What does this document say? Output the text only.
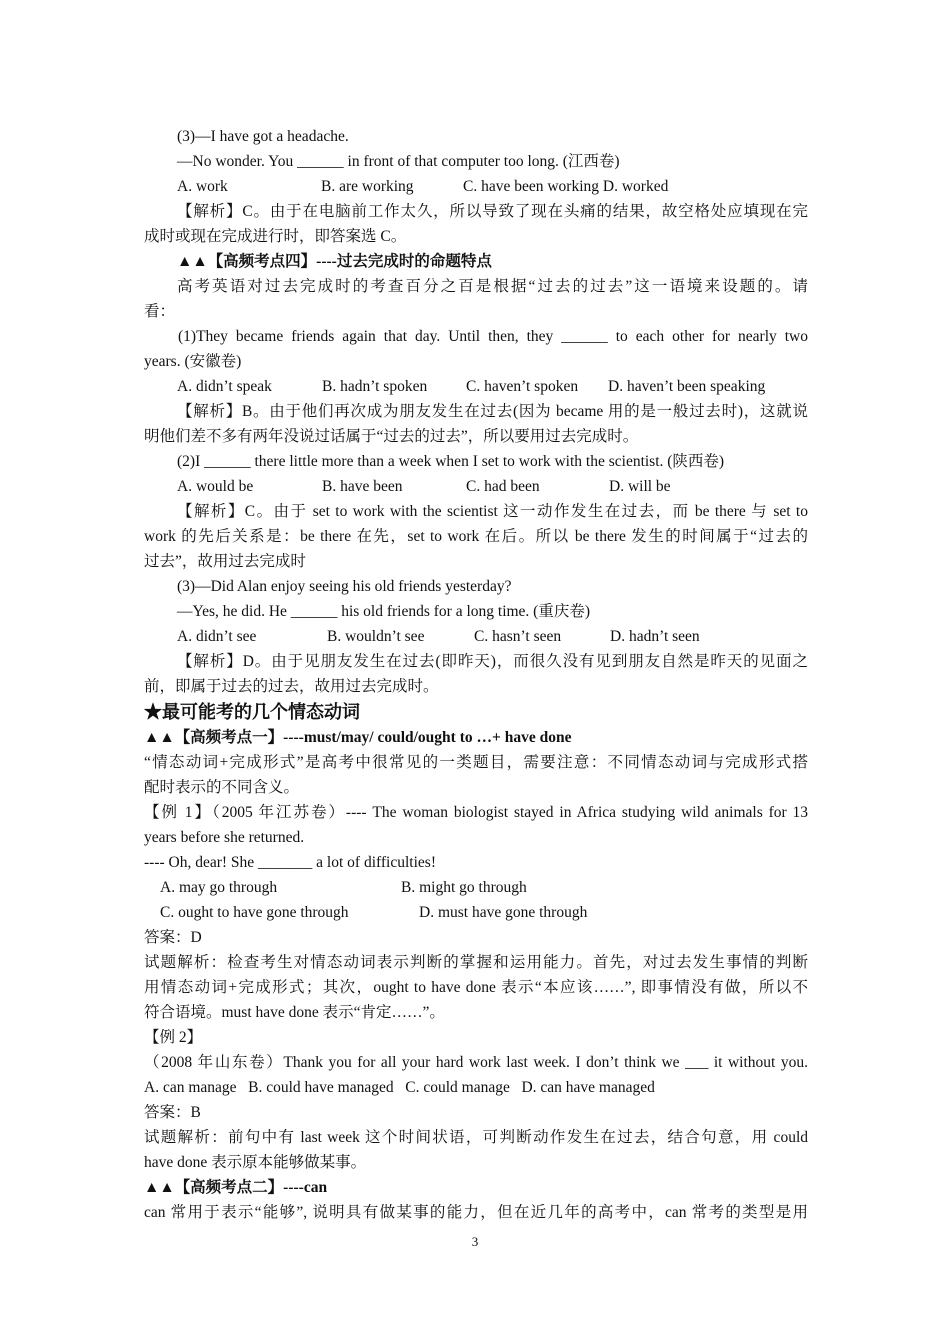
(3)—I have got a headache.
—No wonder. You ______ in front of that computer too long. (江西卷)
A. work	B. are working	C. have been working D. worked
【解析】C。由于在电脑前工作太久，所以导致了现在头痛的结果，故空格处应填现在完
成时或现在完成进行时，即答案选 C。
▲▲【高频考点四】----过去完成时的命题特点
高考英语对过去完成时的考查百分之百是根据“过去的过去”这一语境来设题的。请
看：
(1)They became friends again that day. Until then, they ______ to each other for nearly two
years. (安徽卷)
A. didn’t speak	B. hadn’t spoken	C. haven’t spoken D. haven’t been speaking
【解析】B。由于他们再次成为朋友发生在过去(因为 became 用的是一般过去时)，这就说
明他们差不多有两年没说过话属于“过去的过去”，所以要用过去完成时。
(2)I ______ there little more than a week when I set to work with the scientist. (陕西卷)
A. would be	B. have been	C. had been	D. will be
【解析】C。由于 set to work with the scientist 这一动作发生在过去，而 be there 与 set to
work 的先后关系是：be there 在先，set to work 在后。所以 be there 发生的时间属于“过去的
过去”，故用过去完成时
(3)—Did Alan enjoy seeing his old friends yesterday?
—Yes, he did. He ______ his old friends for a long time. (重庆卷)
A. didn’t see	B. wouldn’t see	C. hasn’t seen	D. hadn’t seen
【解析】D。由于见朋友发生在过去(即昨天)，而很久没有见到朋友自然是昨天的见面之
前，即属于过去的过去，故用过去完成时。
★最可能考的几个情态动词
▲▲【高频考点一】----must/may/ could/ought to …+ have done
“情态动词+完成形式”是高考中很常见的一类题目，需要注意：不同情态动词与完成形式搭
配时表示的不同含义。
【例 1】（2005 年江苏卷）---- The woman biologist stayed in Africa studying wild animals for 13
years before she returned.
---- Oh, dear! She _______ a lot of difficulties!
A. may go through	B. might go through
C. ought to have gone through	D. must have gone through
答案：D
试题解析：检查考生对情态动词表示判断的掌握和运用能力。首先，对过去发生事情的判断
用情态动词+完成形式；其次，ought to have done 表示“本应该……”, 即事情没有做，所以不
符合语境。must have done 表示“肯定……”。
【例 2】
（2008 年山东卷）Thank you for all your hard work last week. I don’t think we ___ it without you.
A. can manage   B. could have managed   C. could manage   D. can have managed
答案：B
试题解析：前句中有 last week 这个时间状语，可判断动作发生在过去，结合句意，用 could
have done 表示原本能够做某事。
▲▲【高频考点二】----can
can 常用于表示“能够”, 说明具有做某事的能力，但在近几年的高考中，can 常考的类型是用
3
